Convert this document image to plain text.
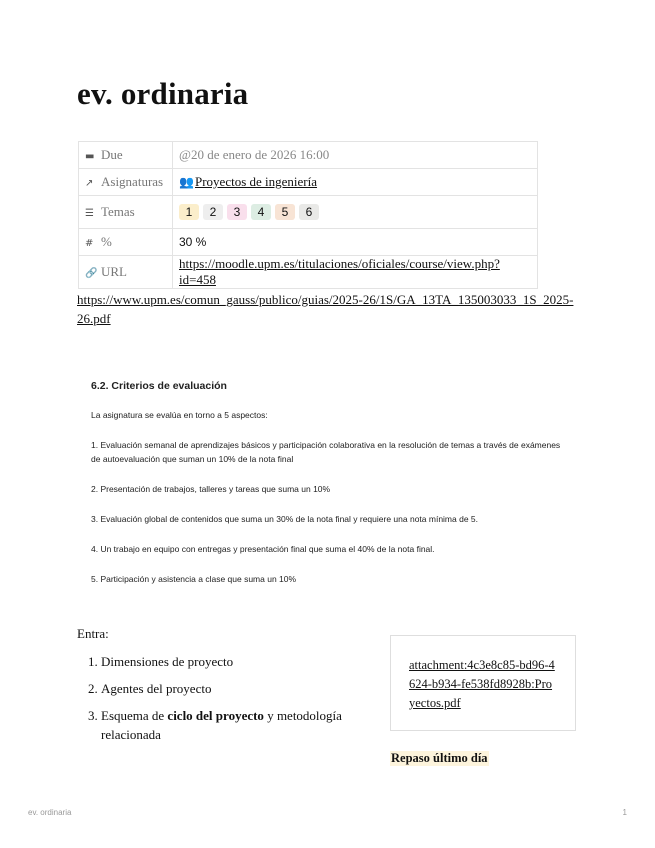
ev. ordinaria
▬ Due	@20 de enero de 2026 16:00
↗ Asignaturas	👥Proyectos de ingeniería
☰ Temas	1 2 3 4 5 6
# %	30 %
🔗 URL	https://moodle.upm.es/titulaciones/oficiales/course/view.php?id=458

https://www.upm.es/comun_gauss/publico/guias/2025-26/1S/GA_13TA_135003033_1S_2025-26.pdf

6.2. Criterios de evaluación

La asignatura se evalúa en torno a 5 aspectos:

1. Evaluación semanal de aprendizajes básicos y participación colaborativa en la resolución de temas a través de exámenes de autoevaluación que suman un 10% de la nota final

2. Presentación de trabajos, talleres y tareas que suma un 10%

3. Evaluación global de contenidos que suma un 30% de la nota final y requiere una nota mínima de 5.

4. Un trabajo en equipo con entregas y presentación final que suma el 40% de la nota final.

5. Participación y asistencia a clase que suma un 10%

Entra:
1. Dimensiones de proyecto
2. Agentes del proyecto
3. Esquema de ciclo del proyecto y metodología relacionada
attachment:4c3e8c85-bd96-4624-b934-fe538fd8928b:Proyectos.pdf
Repaso último día
ev. ordinaria	1
